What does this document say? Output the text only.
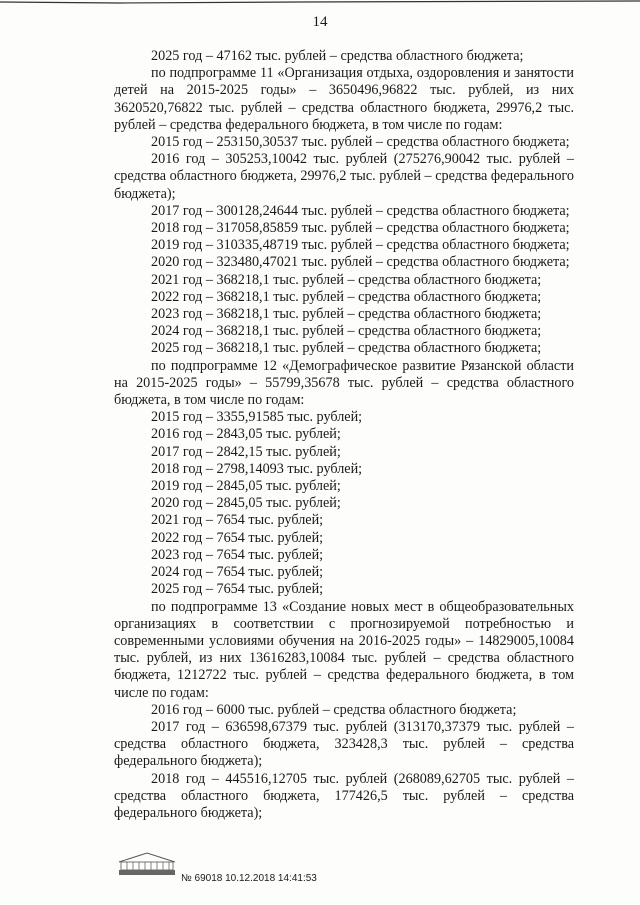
14

2025 год – 47162 тыс. рублей – средства областного бюджета;

по подпрограмме 11 «Организация отдыха, оздоровления и занятости детей на 2015-2025 годы» – 3650496,96822 тыс. рублей, из них 3620520,76822 тыс. рублей – средства областного бюджета, 29976,2 тыс. рублей – средства федерального бюджета, в том числе по годам:

2015 год – 253150,30537 тыс. рублей – средства областного бюджета;

2016 год – 305253,10042 тыс. рублей (275276,90042 тыс. рублей – средства областного бюджета, 29976,2 тыс. рублей – средства федерального бюджета);

2017 год – 300128,24644 тыс. рублей – средства областного бюджета;

2018 год – 317058,85859 тыс. рублей – средства областного бюджета;

2019 год – 310335,48719 тыс. рублей – средства областного бюджета;

2020 год – 323480,47021 тыс. рублей – средства областного бюджета;

2021 год – 368218,1 тыс. рублей – средства областного бюджета;

2022 год – 368218,1 тыс. рублей – средства областного бюджета;

2023 год – 368218,1 тыс. рублей – средства областного бюджета;

2024 год – 368218,1 тыс. рублей – средства областного бюджета;

2025 год – 368218,1 тыс. рублей – средства областного бюджета;

по подпрограмме 12 «Демографическое развитие Рязанской области на 2015-2025 годы» – 55799,35678 тыс. рублей – средства областного бюджета, в том числе по годам:

2015 год – 3355,91585 тыс. рублей;

2016 год – 2843,05 тыс. рублей;

2017 год – 2842,15 тыс. рублей;

2018 год – 2798,14093 тыс. рублей;

2019 год – 2845,05 тыс. рублей;

2020 год – 2845,05 тыс. рублей;

2021 год – 7654 тыс. рублей;

2022 год – 7654 тыс. рублей;

2023 год – 7654 тыс. рублей;

2024 год – 7654 тыс. рублей;

2025 год – 7654 тыс. рублей;

по подпрограмме 13 «Создание новых мест в общеобразовательных организациях в соответствии с прогнозируемой потребностью и современными условиями обучения на 2016-2025 годы» – 14829005,10084 тыс. рублей, из них 13616283,10084 тыс. рублей – средства областного бюджета, 1212722 тыс. рублей – средства федерального бюджета, в том числе по годам:

2016 год – 6000 тыс. рублей – средства областного бюджета;

2017 год – 636598,67379 тыс. рублей (313170,37379 тыс. рублей – средства областного бюджета, 323428,3 тыс. рублей – средства федерального бюджета);

2018 год – 445516,12705 тыс. рублей (268089,62705 тыс. рублей – средства областного бюджета, 177426,5 тыс. рублей – средства федерального бюджета);

№ 69018 10.12.2018 14:41:53
